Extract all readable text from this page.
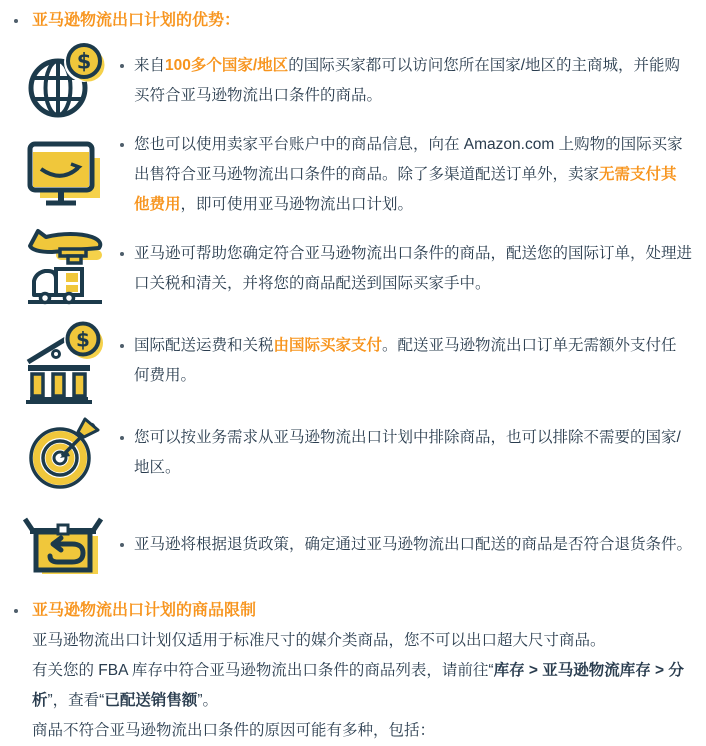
亚马逊物流出口计划的优势：
$	来自100多个国家/地区的国际买家都可以访问您所在国家/地区的主商城，并能购买符合亚马逊物流出口条件的商品。

您也可以使用卖家平台账户中的商品信息，向在 Amazon.com 上购物的国际买家出售符合亚马逊物流出口条件的商品。除了多渠道配送订单外，卖家无需支付其他费用，即可使用亚马逊物流出口计划。

亚马逊可帮助您确定符合亚马逊物流出口条件的商品，配送您的国际订单，处理进口关税和清关，并将您的商品配送到国际买家手中。

$	国际配送运费和关税由国际买家支付。配送亚马逊物流出口订单无需额外支付任何费用。

您可以按业务需求从亚马逊物流出口计划中排除商品，也可以排除不需要的国家/地区。

亚马逊将根据退货政策，确定通过亚马逊物流出口配送的商品是否符合退货条件。

亚马逊物流出口计划的商品限制

亚马逊物流出口计划仅适用于标准尺寸的媒介类商品，您不可以出口超大尺寸商品。

有关您的 FBA 库存中符合亚马逊物流出口条件的商品列表，请前往“库存 > 亚马逊物流库存 > 分析”，查看“已配送销售额”。

商品不符合亚马逊物流出口条件的原因可能有多种，包括：
